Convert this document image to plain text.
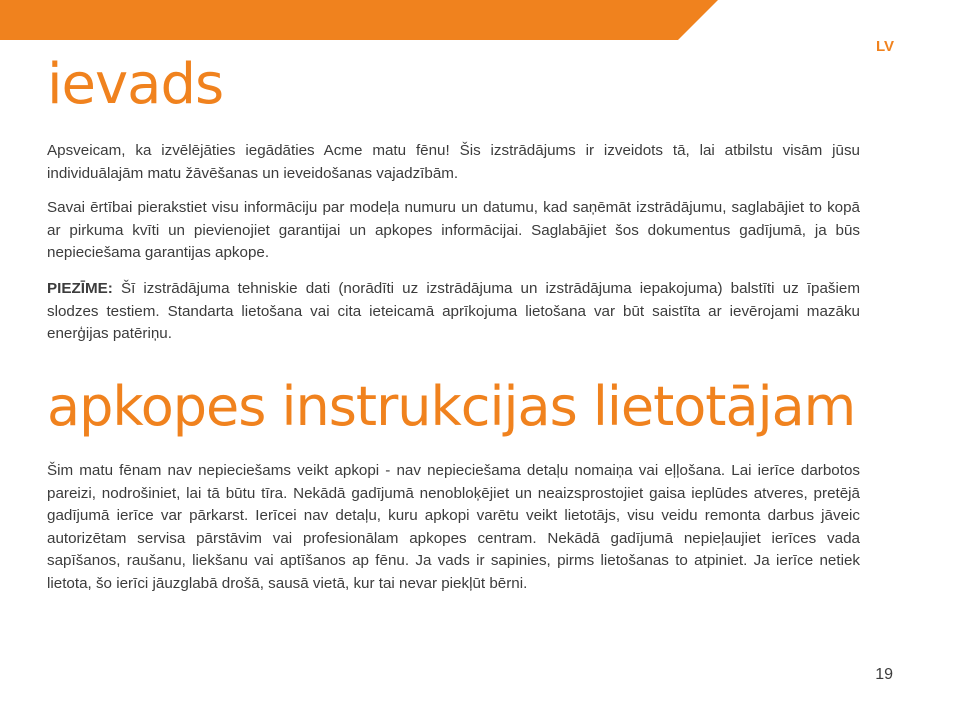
LV
ievads

Apsveicam, ka izvēlējāties iegādāties Acme matu fēnu! Šis izstrādājums ir izveidots tā, lai atbilstu visām jūsu individuālajām matu žāvēšanas un ieveidošanas vajadzībām.

Savai ērtībai pierakstiet visu informāciju par modeļa numuru un datumu, kad saņēmāt izstrādājumu, saglabājiet to kopā ar pirkuma kvīti un pievienojiet garantijai un apkopes informācijai. Saglabājiet šos dokumentus gadījumā, ja būs nepieciešama garantijas apkope.

PIEZĪME: Šī izstrādājuma tehniskie dati (norādīti uz izstrādājuma un izstrādājuma iepakojuma) balstīti uz īpašiem slodzes testiem. Standarta lietošana vai cita ieteicamā aprīkojuma lietošana var būt saistīta ar ievērojami mazāku enerģijas patēriņu.

apkopes instrukcijas lietotājam

Šim matu fēnam nav nepieciešams veikt apkopi - nav nepieciešama detaļu nomaiņa vai eļļošana. Lai ierīce darbotos pareizi, nodrošiniet, lai tā būtu tīra. Nekādā gadījumā nenobloķējiet un neaizsprostojiet gaisa ieplūdes atveres, pretējā gadījumā ierīce var pārkarst. Ierīcei nav detaļu, kuru apkopi varētu veikt lietotājs, visu veidu remonta darbus jāveic autorizētam servisa pārstāvim vai profesionālam apkopes centram. Nekādā gadījumā nepieļaujiet ierīces vada sapīšanos, raušanu, liekšanu vai aptīšanos ap fēnu. Ja vads ir sapinies, pirms lietošanas to atpiniet. Ja ierīce netiek lietota, šo ierīci jāuzglabā drošā, sausā vietā, kur tai nevar piekļūt bērni.

19
